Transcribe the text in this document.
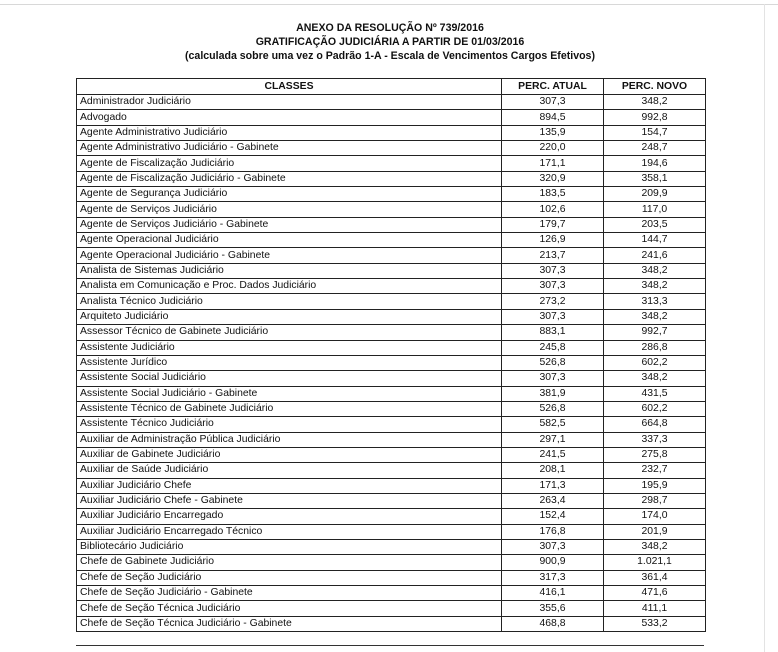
ANEXO DA RESOLUÇÃO Nº 739/2016
GRATIFICAÇÃO JUDICIÁRIA A PARTIR DE 01/03/2016
(calculada sobre uma vez o Padrão 1-A - Escala de Vencimentos Cargos Efetivos)
CLASSES	PERC. ATUAL	PERC. NOVO
Administrador Judiciário	307,3	348,2
Advogado	894,5	992,8
Agente Administrativo Judiciário	135,9	154,7
Agente Administrativo Judiciário - Gabinete	220,0	248,7
Agente de Fiscalização Judiciário	171,1	194,6
Agente de Fiscalização Judiciário - Gabinete	320,9	358,1
Agente de Segurança Judiciário	183,5	209,9
Agente de Serviços Judiciário	102,6	117,0
Agente de Serviços Judiciário - Gabinete	179,7	203,5
Agente Operacional Judiciário	126,9	144,7
Agente Operacional Judiciário - Gabinete	213,7	241,6
Analista de Sistemas Judiciário	307,3	348,2
Analista em Comunicação e Proc. Dados Judiciário	307,3	348,2
Analista Técnico Judiciário	273,2	313,3
Arquiteto Judiciário	307,3	348,2
Assessor Técnico de Gabinete Judiciário	883,1	992,7
Assistente Judiciário	245,8	286,8
Assistente Jurídico	526,8	602,2
Assistente Social Judiciário	307,3	348,2
Assistente Social Judiciário - Gabinete	381,9	431,5
Assistente Técnico de Gabinete Judiciário	526,8	602,2
Assistente Técnico Judiciário	582,5	664,8
Auxiliar de Administração Pública Judiciário	297,1	337,3
Auxiliar de Gabinete Judiciário	241,5	275,8
Auxiliar de Saúde Judiciário	208,1	232,7
Auxiliar Judiciário Chefe	171,3	195,9
Auxiliar Judiciário Chefe - Gabinete	263,4	298,7
Auxiliar Judiciário Encarregado	152,4	174,0
Auxiliar Judiciário Encarregado Técnico	176,8	201,9
Bibliotecário Judiciário	307,3	348,2
Chefe de Gabinete Judiciário	900,9	1.021,1
Chefe de Seção Judiciário	317,3	361,4
Chefe de Seção Judiciário - Gabinete	416,1	471,6
Chefe de Seção Técnica Judiciário	355,6	411,1
Chefe de Seção Técnica Judiciário - Gabinete	468,8	533,2
